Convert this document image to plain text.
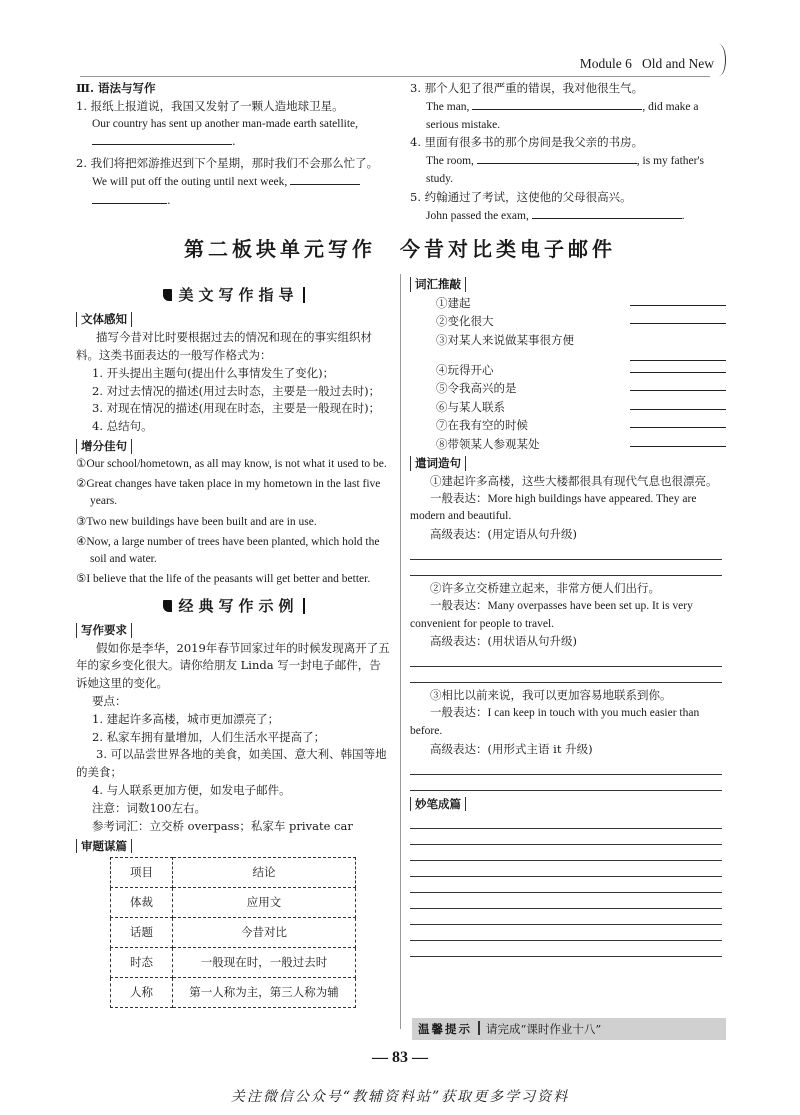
Module 6 Old and New
Ⅲ. 语法与写作
1. 报纸上报道说，我国又发射了一颗人造地球卫星。
Our country has sent up another man-made earth satellite,
.
2. 我们将把郊游推迟到下个星期，那时我们不会那么忙了。
We will put off the outing until next week,
.
3. 那个人犯了很严重的错误，我对他很生气。
The man,	, did make a
serious mistake.
4. 里面有很多书的那个房间是我父亲的书房。
The room,	, is my father's
study.
5. 约翰通过了考试，这使他的父母很高兴。
John passed the exam,	.
第二板块单元写作　今昔对比类电子邮件
美文写作指导
文体感知
描写今昔对比时要根据过去的情况和现在的事实组织材料。这类书面表达的一般写作格式为：
1. 开头提出主题句(提出什么事情发生了变化)；
2. 对过去情况的描述(用过去时态，主要是一般过去时)；
3. 对现在情况的描述(用现在时态，主要是一般现在时)；
4. 总结句。
增分佳句
①Our school/hometown, as all may know, is not what it used to be.
②Great changes have taken place in my hometown in the last five years.
③Two new buildings have been built and are in use.
④Now, a large number of trees have been planted, which hold the soil and water.
⑤I believe that the life of the peasants will get better and better.
经典写作示例
写作要求
假如你是李华，2019年春节回家过年的时候发现离开了五年的家乡变化很大。请你给朋友 Linda 写一封电子邮件，告诉她这里的变化。
要点：
1. 建起许多高楼，城市更加漂亮了；
2. 私家车拥有量增加，人们生活水平提高了；
3. 可以品尝世界各地的美食，如美国、意大利、韩国等地的美食；
4. 与人联系更加方便，如发电子邮件。
注意：词数100左右。
参考词汇：立交桥 overpass；私家车 private car
审题谋篇
项目	结论
体裁	应用文
话题	今昔对比
时态	一般现在时，一般过去时
人称	第一人称为主，第三人称为辅
词汇推敲
①建起
②变化很大
③对某人来说做某事很方便
④玩得开心
⑤令我高兴的是
⑥与某人联系
⑦在我有空的时候
⑧带领某人参观某处
遣词造句
①建起许多高楼，这些大楼都很具有现代气息也很漂亮。
一般表达：More high buildings have appeared. They are modern and beautiful.
高级表达：(用定语从句升级)
②许多立交桥建立起来，非常方便人们出行。
一般表达：Many overpasses have been set up. It is very convenient for people to travel.
高级表达：(用状语从句升级)
③相比以前来说，我可以更加容易地联系到你。
一般表达：I can keep in touch with you much easier than before.
高级表达：(用形式主语 it 升级)
妙笔成篇
温馨提示 请完成“课时作业十八”
— 83 —
关注微信公众号“教辅资料站”获取更多学习资料
